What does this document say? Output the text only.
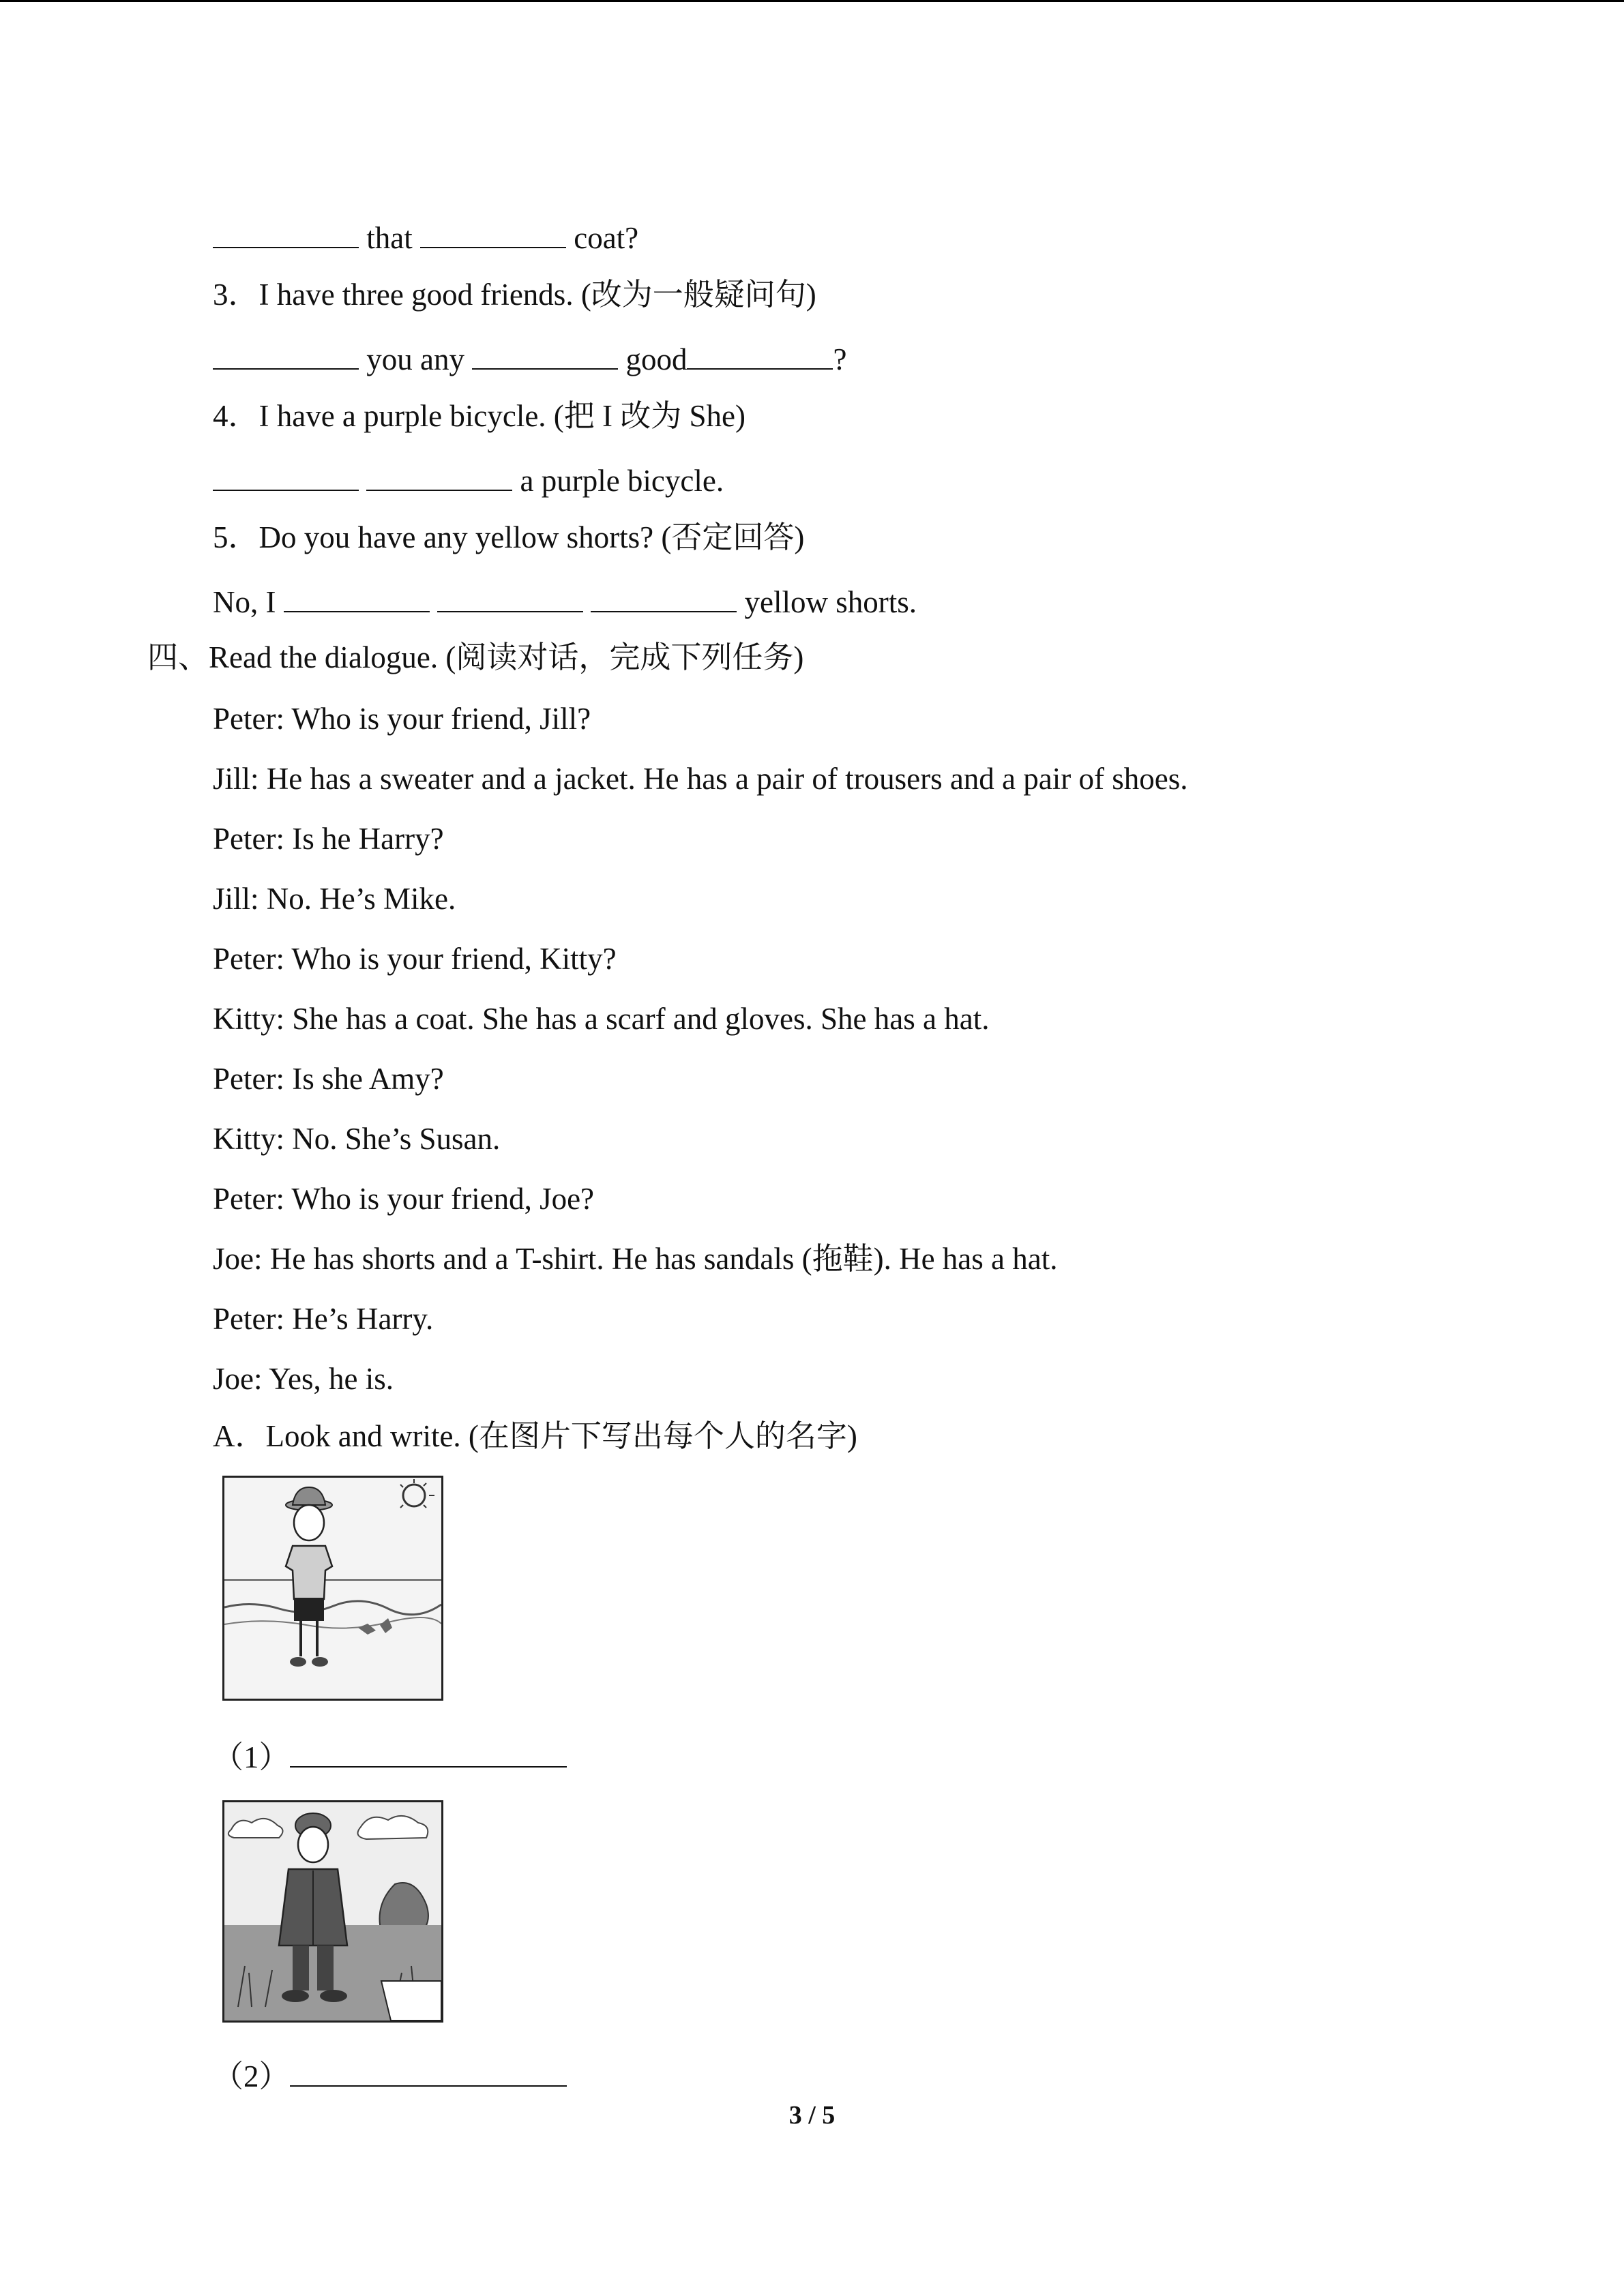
that	coat?
3．I have three good friends. (改为一般疑问句)
you any	good	?
4．I have a purple bicycle. (把 I 改为 She)
a purple bicycle.
5．Do you have any yellow shorts? (否定回答)
No, I	yellow shorts.
四、Read the dialogue. (阅读对话，完成下列任务)
Peter: Who is your friend, Jill?
Jill: He has a sweater and a jacket. He has a pair of trousers and a pair of shoes.
Peter: Is he Harry?
Jill: No. He’s Mike.
Peter: Who is your friend, Kitty?
Kitty: She has a coat. She has a scarf and gloves. She has a hat.
Peter: Is she Amy?
Kitty: No. She’s Susan.
Peter: Who is your friend, Joe?
Joe: He has shorts and a T-shirt. He has sandals (拖鞋). He has a hat.
Peter: He’s Harry.
Joe: Yes, he is.
A．Look and write. (在图片下写出每个人的名字)
（1）
（2）
3 / 5
